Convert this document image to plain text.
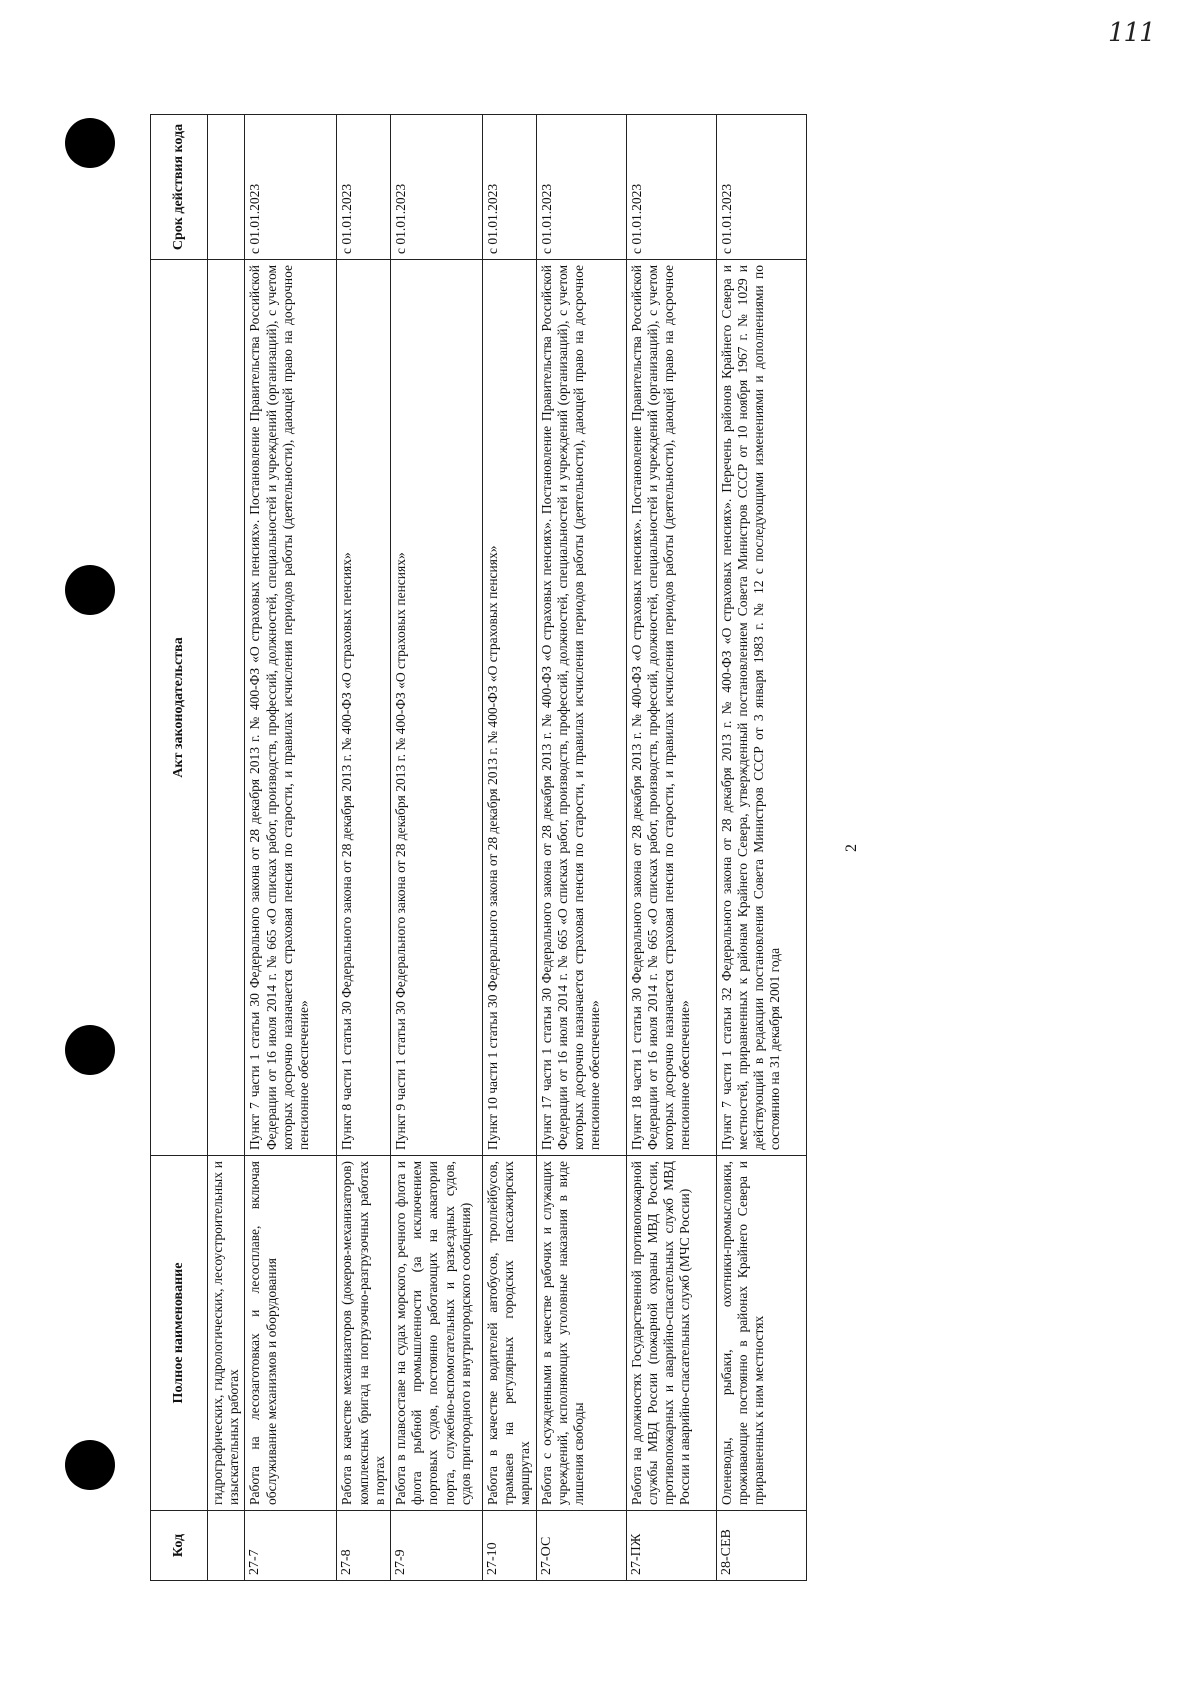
111
Код	Полное наименование	Акт законодательства	Срок действия кода
	гидрографических, гидрологических, лесоустроительных и изыскательных работах		
27-7	Работа на лесозаготовках и лесосплаве, включая обслуживание механизмов и оборудования	Пункт 7 части 1 статьи 30 Федерального закона от 28 декабря 2013 г. № 400-ФЗ «О страховых пенсиях». Постановление Правительства Российской Федерации от 16 июля 2014 г. № 665 «О списках работ, производств, профессий, должностей, специальностей и учреждений (организаций), с учетом которых досрочно назначается страховая пенсия по старости, и правилах исчисления периодов работы (деятельности), дающей право на досрочное пенсионное обеспечение»	с 01.01.2023
27-8	Работа в качестве механизаторов (докеров-механизаторов) комплексных бригад на погрузочно-разгрузочных работах в портах	Пункт 8 части 1 статьи 30 Федерального закона от 28 декабря 2013 г. № 400-ФЗ «О страховых пенсиях»	с 01.01.2023
27-9	Работа в плавсоставе на судах морского, речного флота и флота рыбной промышленности (за исключением портовых судов, постоянно работающих на акватории порта, служебно-вспомогательных и разъездных судов, судов пригородного и внутригородского сообщения)	Пункт 9 части 1 статьи 30 Федерального закона от 28 декабря 2013 г. № 400-ФЗ «О страховых пенсиях»	с 01.01.2023
27-10	Работа в качестве водителей автобусов, троллейбусов, трамваев на регулярных городских пассажирских маршрутах	Пункт 10 части 1 статьи 30 Федерального закона от 28 декабря 2013 г. № 400-ФЗ «О страховых пенсиях»	с 01.01.2023
27-ОС	Работа с осужденными в качестве рабочих и служащих учреждений, исполняющих уголовные наказания в виде лишения свободы	Пункт 17 части 1 статьи 30 Федерального закона от 28 декабря 2013 г. № 400-ФЗ «О страховых пенсиях». Постановление Правительства Российской Федерации от 16 июля 2014 г. № 665 «О списках работ, производств, профессий, должностей, специальностей и учреждений (организаций), с учетом которых досрочно назначается страховая пенсия по старости, и правилах исчисления периодов работы (деятельности), дающей право на досрочное пенсионное обеспечение»	с 01.01.2023
27-ПЖ	Работа на должностях Государственной противопожарной службы МВД России (пожарной охраны МВД России, противопожарных и аварийно-спасательных служб МВД России и аварийно-спасательных служб (МЧС России)	Пункт 18 части 1 статьи 30 Федерального закона от 28 декабря 2013 г. № 400-ФЗ «О страховых пенсиях». Постановление Правительства Российской Федерации от 16 июля 2014 г. № 665 «О списках работ, производств, профессий, должностей, специальностей и учреждений (организаций), с учетом которых досрочно назначается страховая пенсия по старости, и правилах исчисления периодов работы (деятельности), дающей право на досрочное пенсионное обеспечение»	с 01.01.2023
28-СЕВ	Оленеводы, рыбаки, охотники-промысловики, проживающие постоянно в районах Крайнего Севера и приравненных к ним местностях	Пункт 7 части 1 статьи 32 Федерального закона от 28 декабря 2013 г. № 400-ФЗ «О страховых пенсиях». Перечень районов Крайнего Севера и местностей, приравненных к районам Крайнего Севера, утвержденный постановлением Совета Министров СССР от 10 ноября 1967 г. № 1029 и действующий в редакции постановления Совета Министров СССР от 3 января 1983 г. № 12 с последующими изменениями и дополнениями по состоянию на 31 декабря 2001 года	с 01.01.2023
2
